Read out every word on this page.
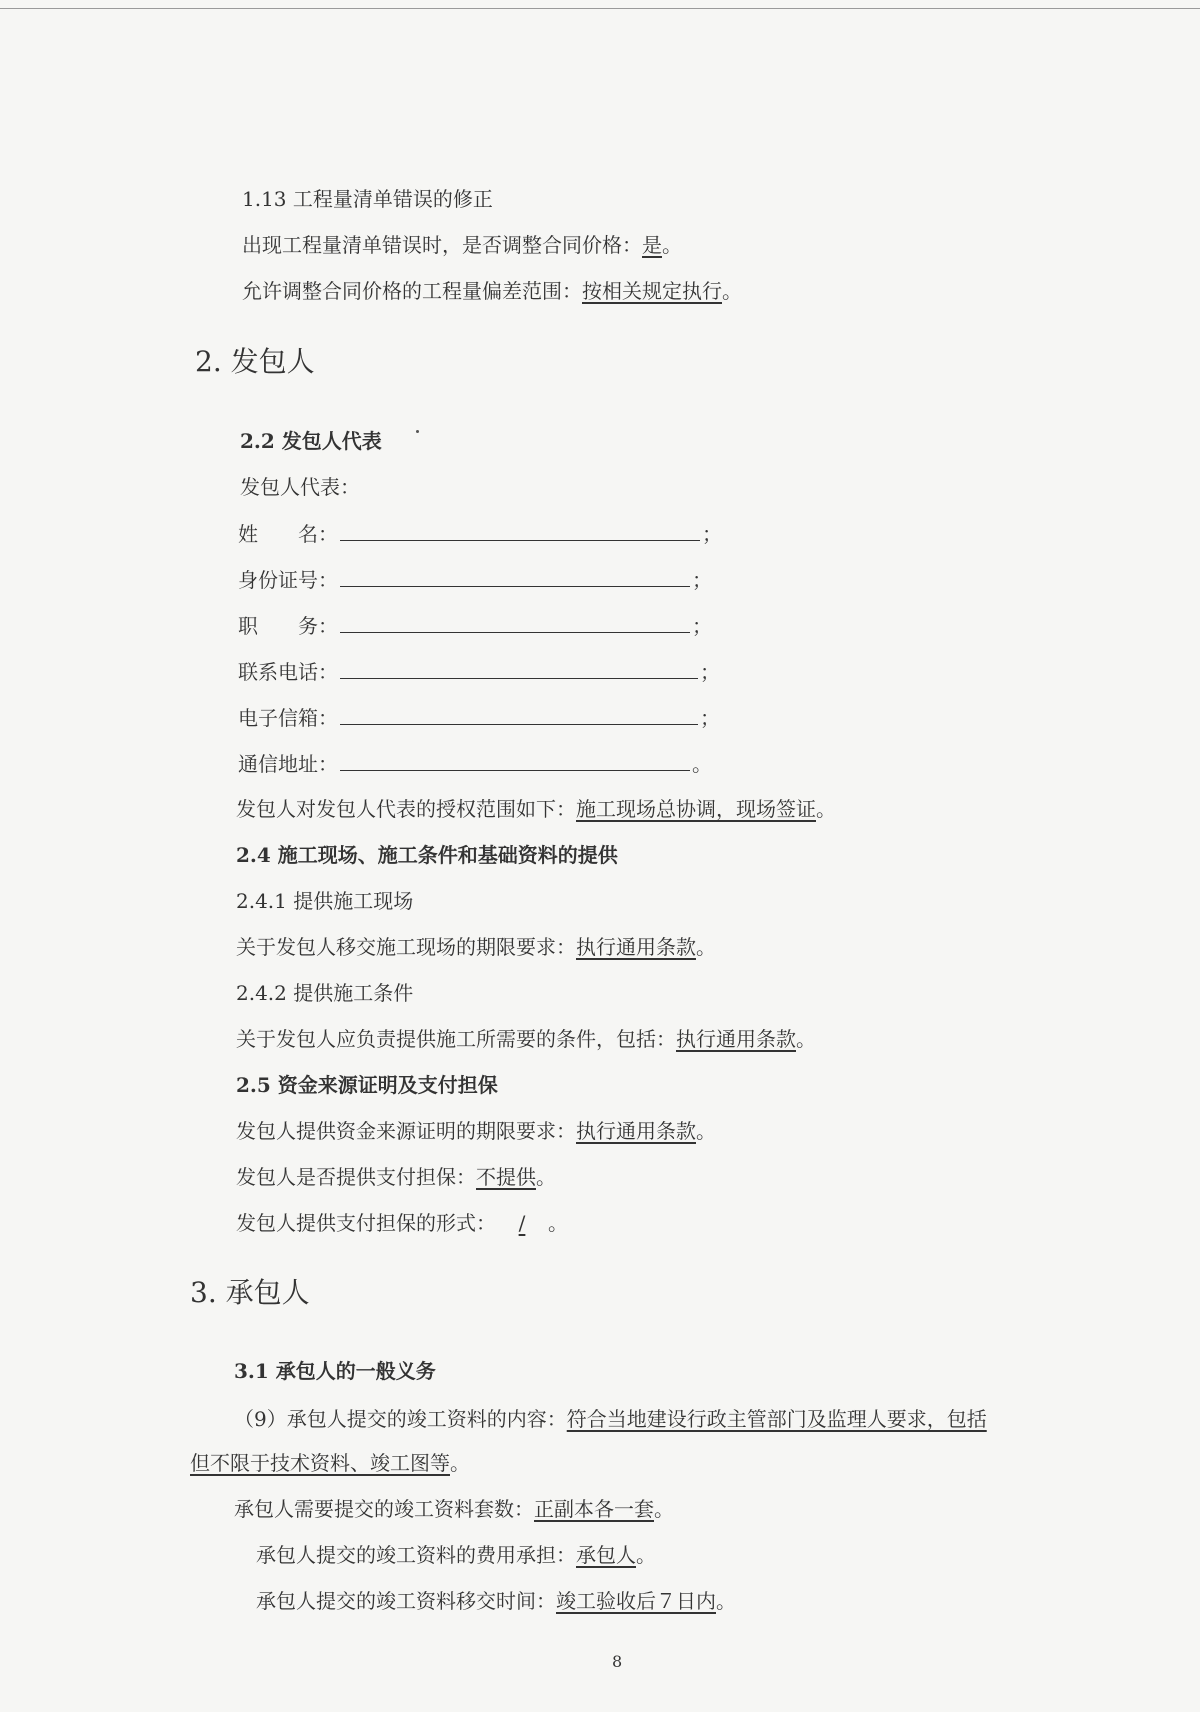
1.13 工程量清单错误的修正
出现工程量清单错误时，是否调整合同价格：是。
允许调整合同价格的工程量偏差范围：按相关规定执行。
2. 发包人
2.2 发包人代表
发包人代表：
姓　　名：	；
身份证号：	；
职　　务：	；
联系电话：	；
电子信箱：	；
通信地址：	。
发包人对发包人代表的授权范围如下：施工现场总协调，现场签证。
2.4 施工现场、施工条件和基础资料的提供
2.4.1 提供施工现场
关于发包人移交施工现场的期限要求：执行通用条款。
2.4.2 提供施工条件
关于发包人应负责提供施工所需要的条件，包括：执行通用条款。
2.5 资金来源证明及支付担保
发包人提供资金来源证明的期限要求：执行通用条款。
发包人是否提供支付担保：不提供。
发包人提供支付担保的形式： / 。
3. 承包人
3.1 承包人的一般义务
（9）承包人提交的竣工资料的内容：符合当地建设行政主管部门及监理人要求，包括
但不限于技术资料、竣工图等。
承包人需要提交的竣工资料套数：正副本各一套。
承包人提交的竣工资料的费用承担：承包人。
承包人提交的竣工资料移交时间：竣工验收后７日内。
8
